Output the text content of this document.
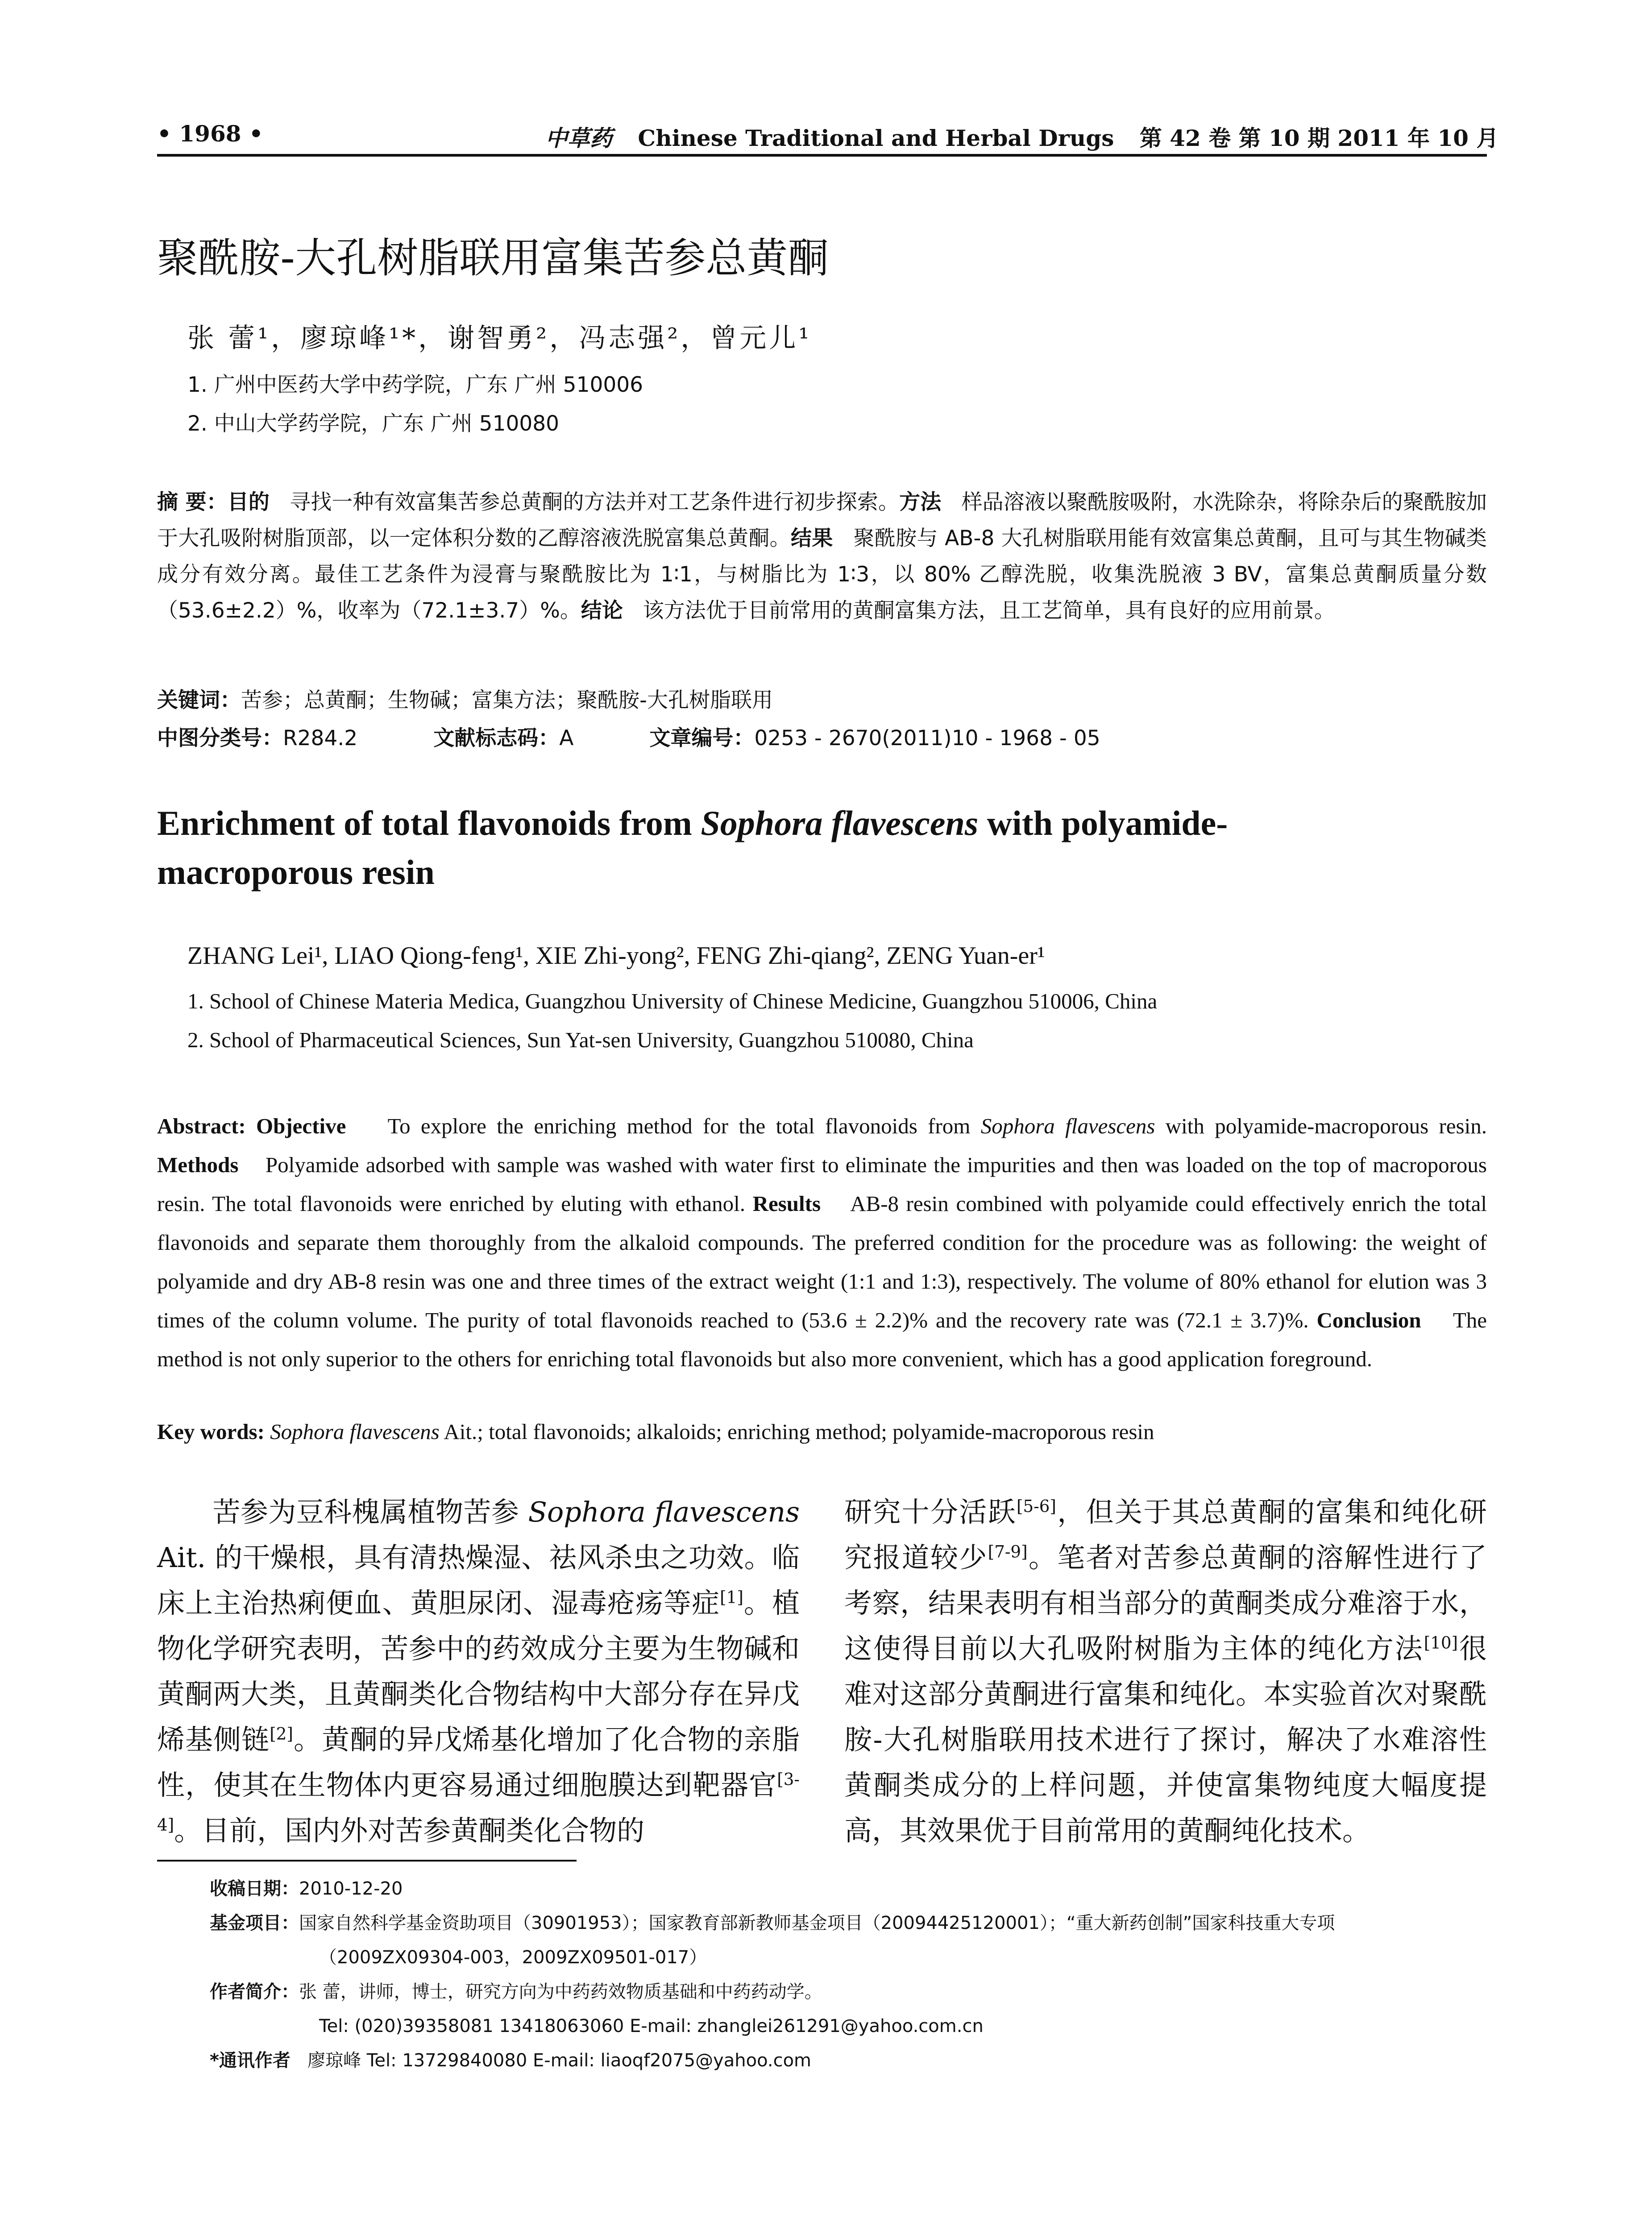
• 1968 •	中草药 Chinese Traditional and Herbal Drugs 第 42 卷 第 10 期 2011 年 10 月
聚酰胺-大孔树脂联用富集苦参总黄酮
张 蕾¹，廖琼峰¹*，谢智勇²，冯志强²，曾元儿¹
1. 广州中医药大学中药学院，广东 广州 510006
2. 中山大学药学院，广东 广州 510080
摘 要：目的 寻找一种有效富集苦参总黄酮的方法并对工艺条件进行初步探索。方法 样品溶液以聚酰胺吸附，水洗除杂，将除杂后的聚酰胺加于大孔吸附树脂顶部，以一定体积分数的乙醇溶液洗脱富集总黄酮。结果 聚酰胺与 AB-8 大孔树脂联用能有效富集总黄酮，且可与其生物碱类成分有效分离。最佳工艺条件为浸膏与聚酰胺比为 1∶1，与树脂比为 1∶3，以 80% 乙醇洗脱，收集洗脱液 3 BV，富集总黄酮质量分数（53.6±2.2）%，收率为（72.1±3.7）%。结论 该方法优于目前常用的黄酮富集方法，且工艺简单，具有良好的应用前景。
关键词：苦参；总黄酮；生物碱；富集方法；聚酰胺-大孔树脂联用
中图分类号：R284.2	文献标志码：A	文章编号：0253 - 2670(2011)10 - 1968 - 05
Enrichment of total flavonoids from Sophora flavescens with polyamide-
macroporous resin
ZHANG Lei¹, LIAO Qiong-feng¹, XIE Zhi-yong², FENG Zhi-qiang², ZENG Yuan-er¹
1. School of Chinese Materia Medica, Guangzhou University of Chinese Medicine, Guangzhou 510006, China
2. School of Pharmaceutical Sciences, Sun Yat-sen University, Guangzhou 510080, China
Abstract: Objective To explore the enriching method for the total flavonoids from Sophora flavescens with polyamide-macroporous resin. Methods Polyamide adsorbed with sample was washed with water first to eliminate the impurities and then was loaded on the top of macroporous resin. The total flavonoids were enriched by eluting with ethanol. Results AB-8 resin combined with polyamide could effectively enrich the total flavonoids and separate them thoroughly from the alkaloid compounds. The preferred condition for the procedure was as following: the weight of polyamide and dry AB-8 resin was one and three times of the extract weight (1:1 and 1:3), respectively. The volume of 80% ethanol for elution was 3 times of the column volume. The purity of total flavonoids reached to (53.6 ± 2.2)% and the recovery rate was (72.1 ± 3.7)%. Conclusion The method is not only superior to the others for enriching total flavonoids but also more convenient, which has a good application foreground.
Key words: Sophora flavescens Ait.; total flavonoids; alkaloids; enriching method; polyamide-macroporous resin
苦参为豆科槐属植物苦参 Sophora flavescens Ait. 的干燥根，具有清热燥湿、祛风杀虫之功效。临床上主治热痢便血、黄胆尿闭、湿毒疮疡等症[1]。植物化学研究表明，苦参中的药效成分主要为生物碱和黄酮两大类，且黄酮类化合物结构中大部分存在异戊烯基侧链[2]。黄酮的异戊烯基化增加了化合物的亲脂性，使其在生物体内更容易通过细胞膜达到靶器官[3-4]。目前，国内外对苦参黄酮类化合物的
研究十分活跃[5-6]，但关于其总黄酮的富集和纯化研究报道较少[7-9]。笔者对苦参总黄酮的溶解性进行了考察，结果表明有相当部分的黄酮类成分难溶于水，这使得目前以大孔吸附树脂为主体的纯化方法[10]很难对这部分黄酮进行富集和纯化。本实验首次对聚酰胺-大孔树脂联用技术进行了探讨，解决了水难溶性黄酮类成分的上样问题，并使富集物纯度大幅度提高，其效果优于目前常用的黄酮纯化技术。
收稿日期：2010-12-20
基金项目：国家自然科学基金资助项目（30901953）；国家教育部新教师基金项目（20094425120001）；“重大新药创制”国家科技重大专项
（2009ZX09304-003，2009ZX09501-017）
作者简介：张 蕾，讲师，博士，研究方向为中药药效物质基础和中药药动学。
Tel: (020)39358081 13418063060 E-mail: zhanglei261291@yahoo.com.cn
*通讯作者 廖琼峰 Tel: 13729840080 E-mail: liaoqf2075@yahoo.com
